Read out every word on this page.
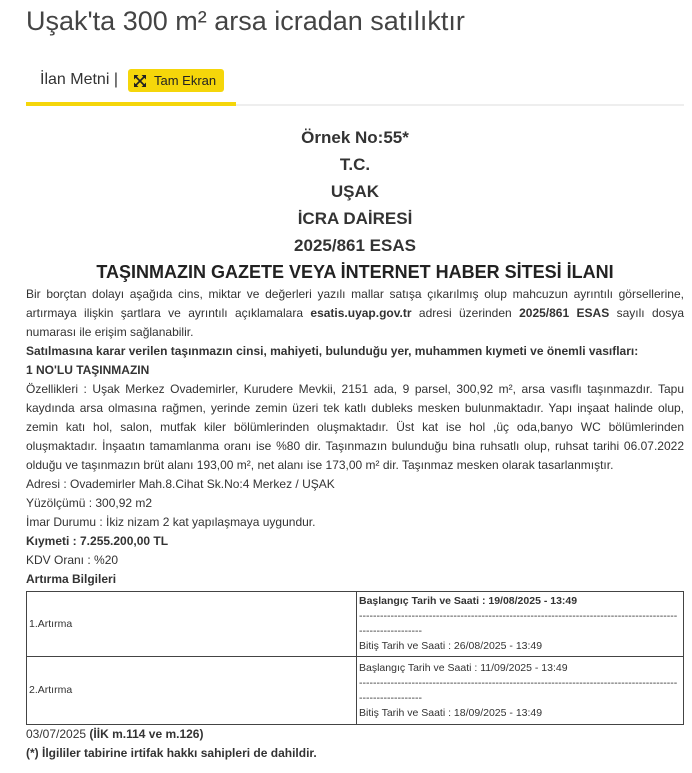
Uşak'ta 300 m² arsa icradan satılıktır
İlan Metni |	Tam Ekran
Örnek No:55*
T.C.
UŞAK
İCRA DAİRESİ
2025/861 ESAS
TAŞINMAZIN GAZETE VEYA İNTERNET HABER SİTESİ İLANI
Bir borçtan dolayı aşağıda cins, miktar ve değerleri yazılı mallar satışa çıkarılmış olup mahcuzun ayrıntılı görsellerine, artırmaya ilişkin şartlara ve ayrıntılı açıklamalara esatis.uyap.gov.tr adresi üzerinden 2025/861 ESAS sayılı dosya numarası ile erişim sağlanabilir.
Satılmasına karar verilen taşınmazın cinsi, mahiyeti, bulunduğu yer, muhammen kıymeti ve önemli vasıfları:
1 NO'LU TAŞINMAZIN
Özellikleri : Uşak Merkez Ovademirler, Kurudere Mevkii, 2151 ada, 9 parsel, 300,92 m², arsa vasıflı taşınmazdır. Tapu kaydında arsa olmasına rağmen, yerinde zemin üzeri tek katlı dubleks mesken bulunmaktadır. Yapı inşaat halinde olup, zemin katı hol, salon, mutfak kiler bölümlerinden oluşmaktadır. Üst kat ise hol ,üç oda,banyo WC bölümlerinden oluşmaktadır. İnşaatın tamamlanma oranı ise %80 dir. Taşınmazın bulunduğu bina ruhsatlı olup, ruhsat tarihi 06.07.2022 olduğu ve taşınmazın brüt alanı 193,00 m², net alanı ise 173,00 m² dir. Taşınmaz mesken olarak tasarlanmıştır.
Adresi : Ovademirler Mah.8.Cihat Sk.No:4 Merkez / UŞAK
Yüzölçümü : 300,92 m2
İmar Durumu : İkiz nizam 2 kat yapılaşmaya uygundur.
Kıymeti : 7.255.200,00 TL
KDV Oranı : %20
Artırma Bilgileri
1.Artırma	Başlangıç Tarih ve Saati : 19/08/2025 - 13:49
-------------------------------------------------------------------------------------------
------------------
Bitiş Tarih ve Saati : 26/08/2025 - 13:49

2.Artırma	Başlangıç Tarih ve Saati : 11/09/2025 - 13:49
-------------------------------------------------------------------------------------------
------------------
Bitiş Tarih ve Saati : 18/09/2025 - 13:49
03/07/2025 (İİK m.114 ve m.126)
(*) İlgililer tabirine irtifak hakkı sahipleri de dahildir.
